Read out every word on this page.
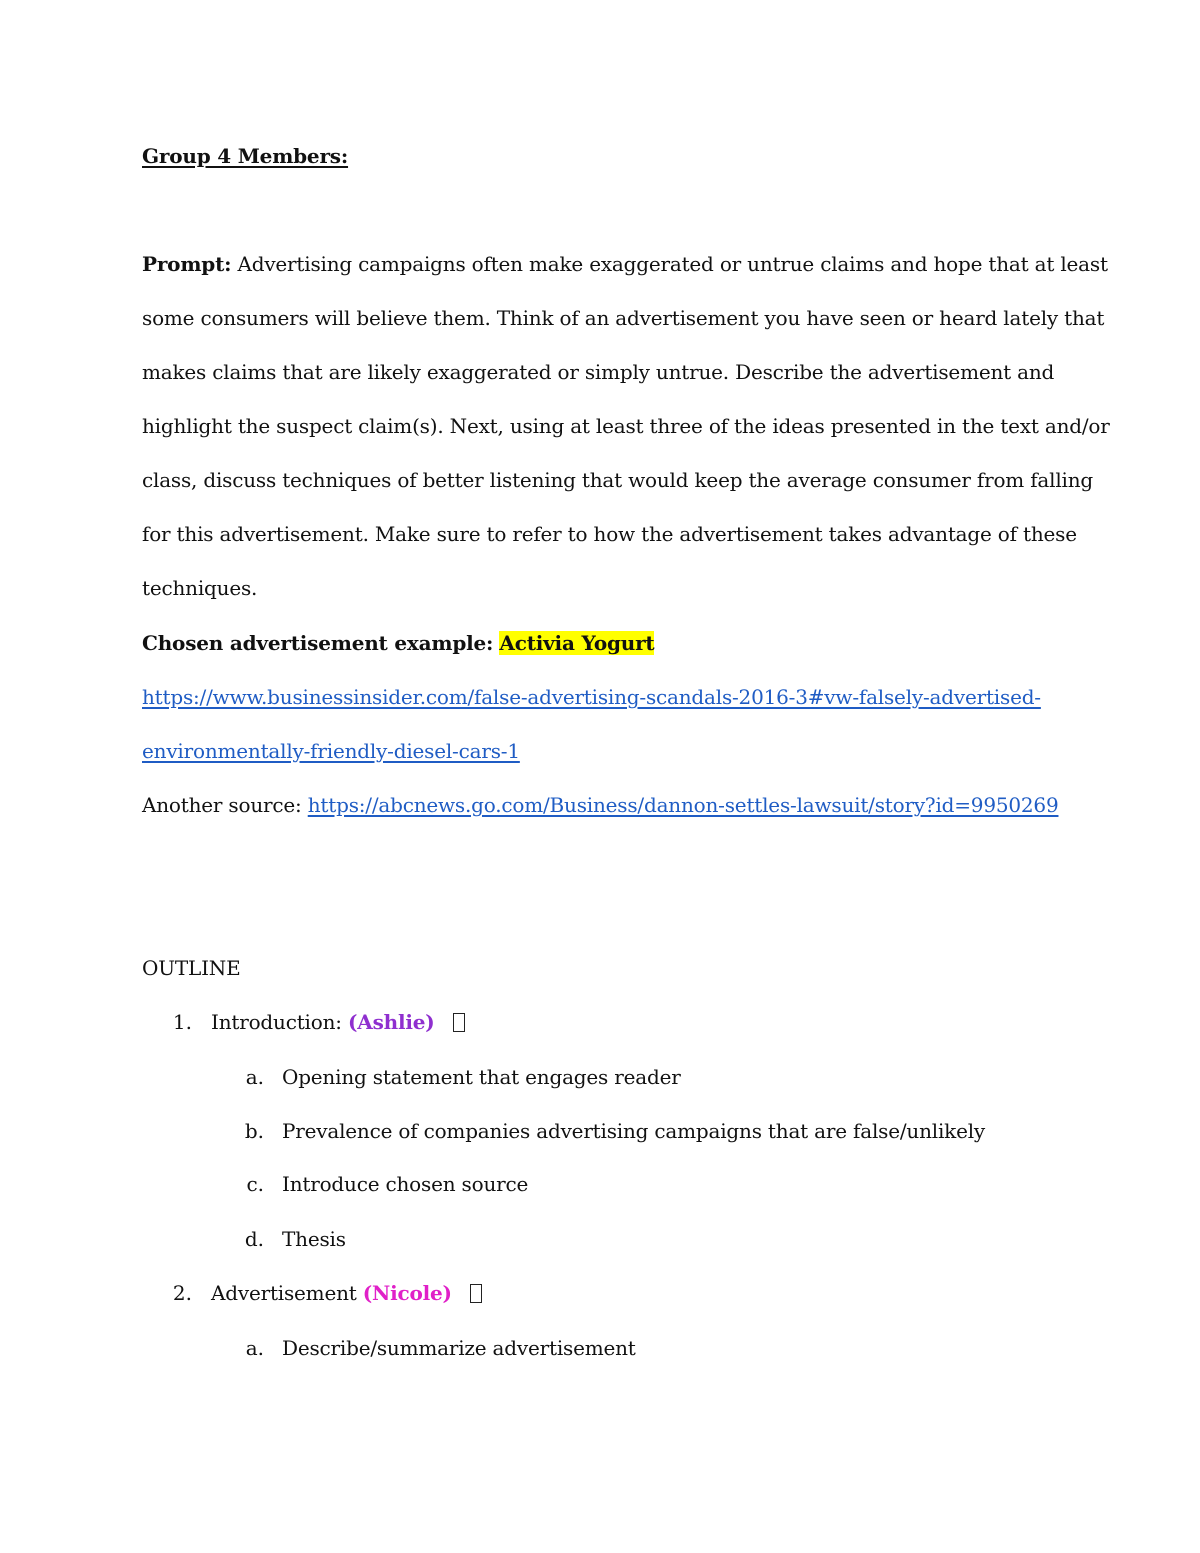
Group 4 Members:
Prompt: Advertising campaigns often make exaggerated or untrue claims and hope that at least
some consumers will believe them. Think of an advertisement you have seen or heard lately that
makes claims that are likely exaggerated or simply untrue. Describe the advertisement and
highlight the suspect claim(s). Next, using at least three of the ideas presented in the text and/or
class, discuss techniques of better listening that would keep the average consumer from falling
for this advertisement. Make sure to refer to how the advertisement takes advantage of these
techniques.
Chosen advertisement example: Activia Yogurt
https://www.businessinsider.com/false-advertising-scandals-2016-3#vw-falsely-advertised-
environmentally-friendly-diesel-cars-1
Another source: https://abcnews.go.com/Business/dannon-settles-lawsuit/story?id=9950269
OUTLINE
1. Introduction: (Ashlie)
a. Opening statement that engages reader
b. Prevalence of companies advertising campaigns that are false/unlikely
c. Introduce chosen source
d. Thesis
2. Advertisement (Nicole)
a. Describe/summarize advertisement
